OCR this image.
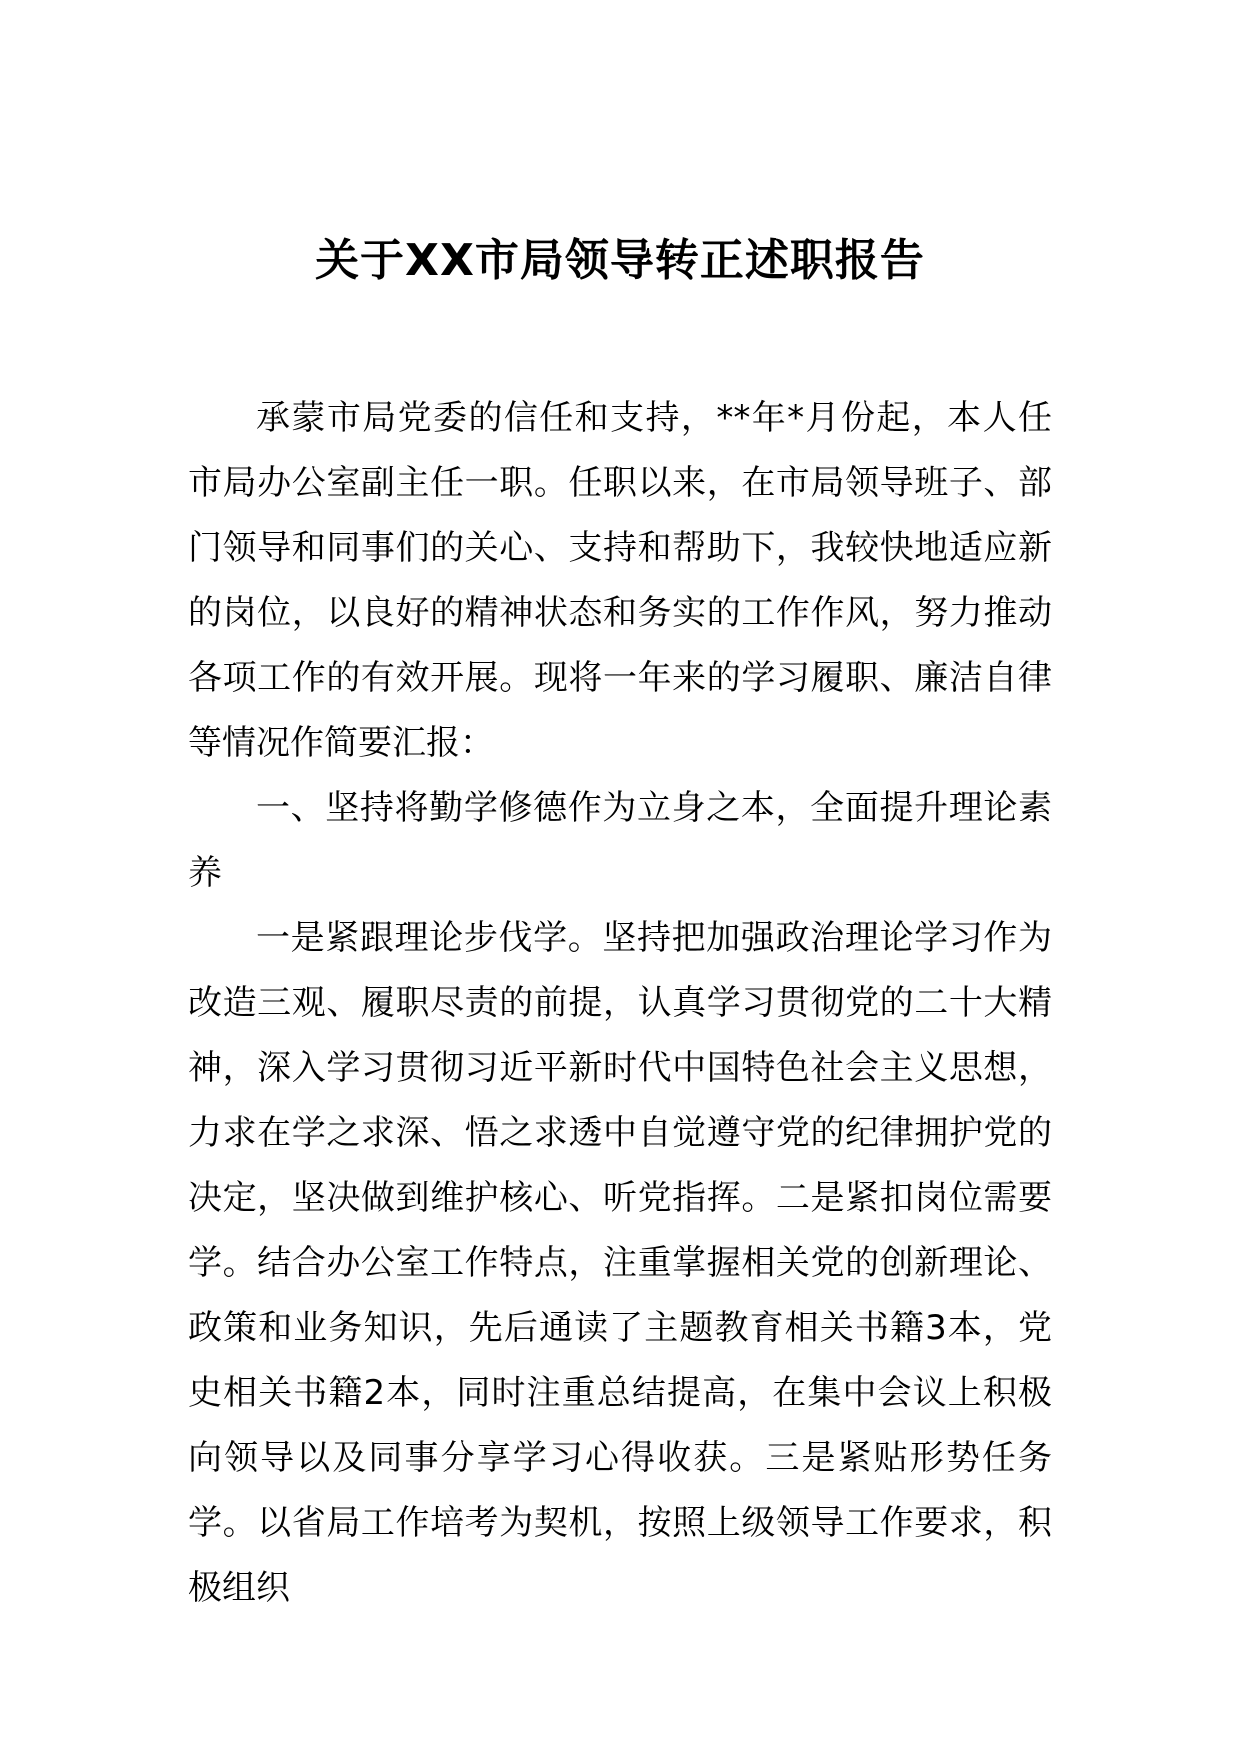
关于XX市局领导转正述职报告

承蒙市局党委的信任和支持，**年*月份起，本人任市局办公室副主任一职。任职以来，在市局领导班子、部门领导和同事们的关心、支持和帮助下，我较快地适应新的岗位，以良好的精神状态和务实的工作作风，努力推动各项工作的有效开展。现将一年来的学习履职、廉洁自律等情况作简要汇报：

一、坚持将勤学修德作为立身之本，全面提升理论素养

一是紧跟理论步伐学。坚持把加强政治理论学习作为改造三观、履职尽责的前提，认真学习贯彻党的二十大精神，深入学习贯彻习近平新时代中国特色社会主义思想，力求在学之求深、悟之求透中自觉遵守党的纪律拥护党的决定，坚决做到维护核心、听党指挥。二是紧扣岗位需要学。结合办公室工作特点，注重掌握相关党的创新理论、政策和业务知识，先后通读了主题教育相关书籍3本，党史相关书籍2本，同时注重总结提高，在集中会议上积极向领导以及同事分享学习心得收获。三是紧贴形势任务学。以省局工作培考为契机，按照上级领导工作要求，积极组织
